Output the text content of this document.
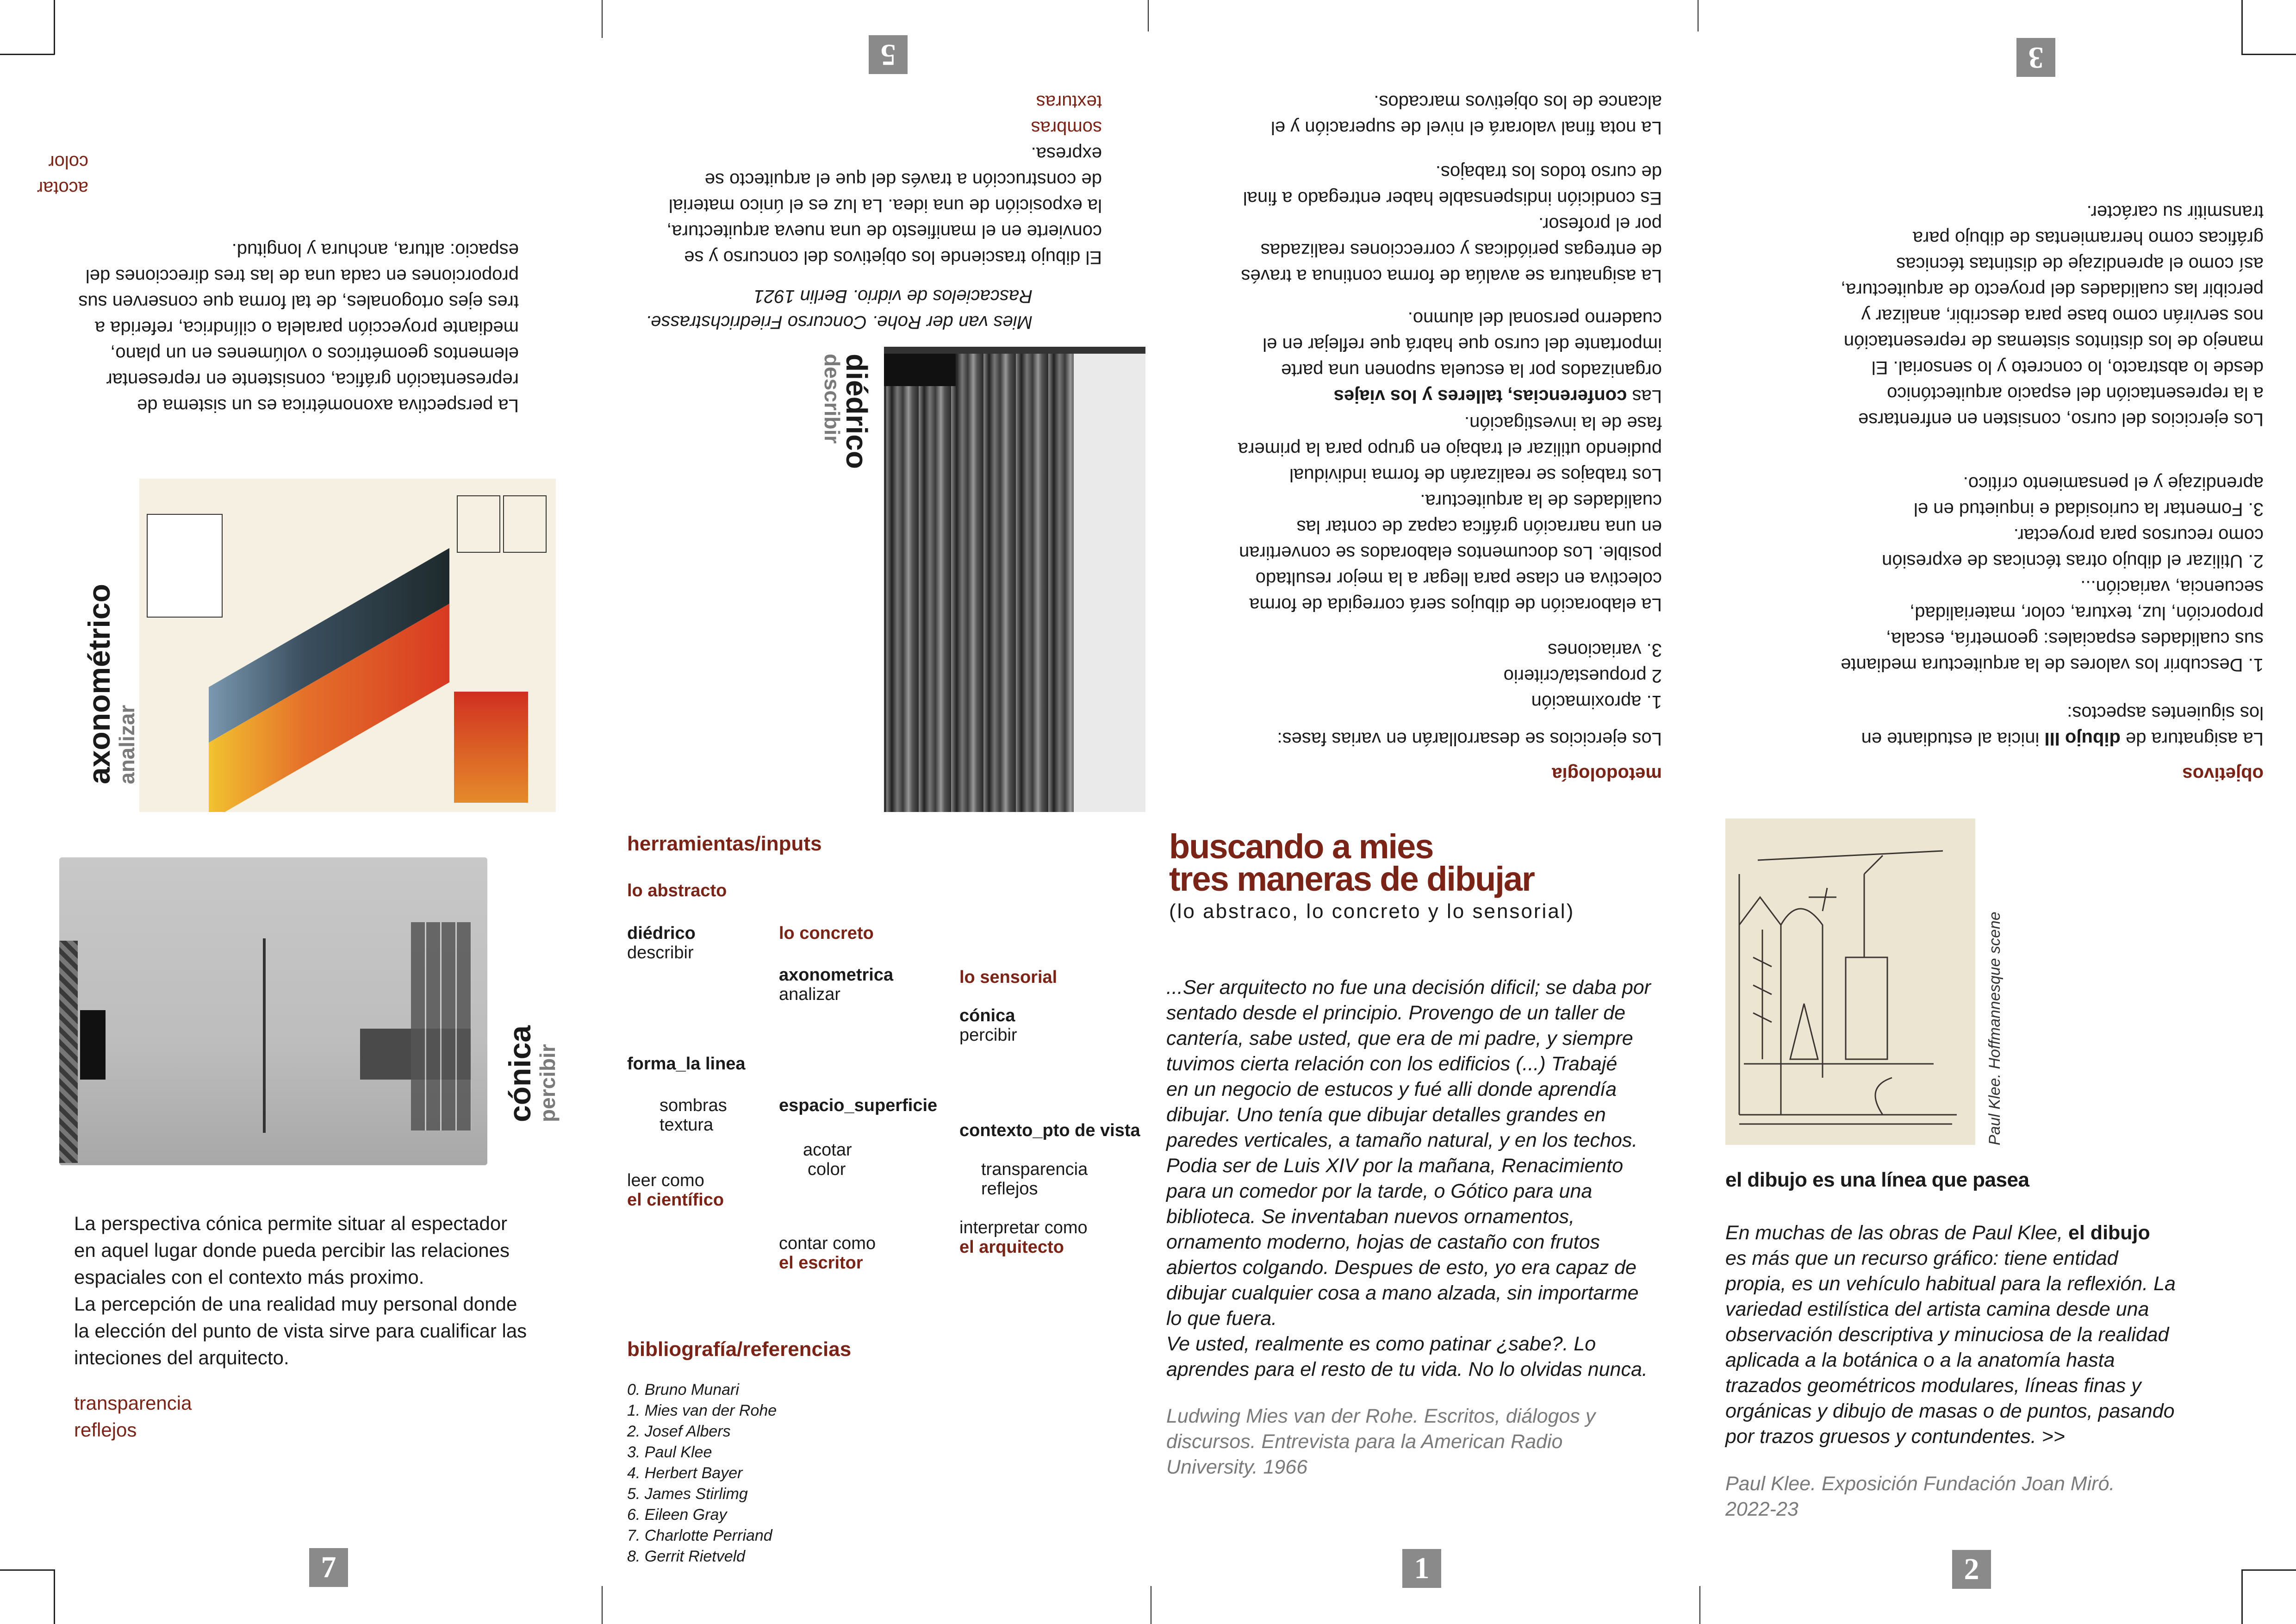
objetivos

La asignatura de dibujo III inicia al estudiante en

los siguientes aspectos:

1. Descubrir los valores de la arquitectura mediante

sus cualidades espaciales: geometría, escala,

proporción, luz, textura, color, materialidad,

secuencia, variación...

2. Utilizar el dibujo otras técnicas de expresión

como recursos para proyectar.

3. Fomentar la curiosidad e inquietud en el

aprendizaje y el pensamiento crítico.

Los ejercicios del curso, consisten en enfrentarse

a la representación del espacio arquitectónico

desde lo abstracto, lo concreto y lo sensorial. El

manejo de los distintos sistemas de representación

nos servirán como base para describir, analizar y

percibir las cualidades del proyecto de arquitectura,

así como el aprendizaje de distintas técnicas

gráficas como herramientas de dibujo para

transmitir su carácter.

3
metodología

Los ejercicios se desarrollarán en varias fases:

1. aproximación

2 propuesta/criterio

3. variaciones

La elaboración de dibujos será corregida de forma

colectiva en clase para llegar a la mejor resultado

posible. Los documentos elaborados se convertiran

en una narración gráfica capaz de contar las

cualidades de la arquitectura.

Los trabajos se realizarán de forma individual

pudiendo utilizar el trabajo en grupo para la primera

fase de la investigación.

Las conferencias, talleres y los viajes

organizados por la escuela suponen una parte

importante del curso que habrá que reflejar en el

cuaderno personal del alumno.

La asignatura se avalúa de forma continua a través

de entregas periódicas y correcciones realizadas

por el profesor.

Es condición indispensable haber entregado a final

de curso todos los trabajos.

La nota final valorará el nivel de superación y el

alcance de los objetivos marcados.

diédrico
describir

Mies van der Rohe. Concurso Friedrichstrasse.

Rascacielos de vidrio. Berlin 1921

El dibujo trasciende los objetivos del concurso y se

convierte en el manifiesto de una nueva arquitectura,

la exposición de una idea. La luz es el único material

de construcción a través del que el arquitecto se

expresa.

sombras

texturas

5
axonométrico
analizar

La perspectiva axonométrica es un sistema de

representación gráfica, consistente en representar

elementos geométricos o volúmenes en un plano,

mediante proyección paralela o cilíndrica, referida a

tres ejes ortogonales, de tal forma que conserven sus

proporciones en cada una de las tres direcciones del

espacio: altura, anchura y longitud.

acotar

color

cónica
percibir

La perspectiva cónica permite situar al espectador

en aquel lugar donde pueda percibir las relaciones

espaciales con el contexto más proximo.

La percepción de una realidad muy personal donde

la elección del punto de vista sirve para cualificar las

inteciones del arquitecto.

transparencia

reflejos

7
herramientas/inputs
lo abstracto
diédrico
describir
lo concreto
axonometrica
analizar
lo sensorial
cónica
percibir
forma_la linea
sombras
textura
espacio_superficie
acotar
color
contexto_pto de vista
transparencia
reflejos
leer como
el científico
contar como
el escritor
interpretar como
el arquitecto
bibliografía/referencias
0. Bruno Munari
1. Mies van der Rohe
2. Josef Albers
3. Paul Klee
4. Herbert Bayer
5. James Stirlimg
6. Eileen Gray
7. Charlotte Perriand
8. Gerrit Rietveld
buscando a mies
tres maneras de dibujar
(lo abstraco, lo concreto y lo sensorial)

...Ser arquitecto no fue una decisión dificil; se daba por

sentado desde el principio. Provengo de un taller de

cantería, sabe usted, que era de mi padre, y siempre

tuvimos cierta relación con los edificios (...) Trabajé

en un negocio de estucos y fué alli donde aprendía

dibujar. Uno tenía que dibujar detalles grandes en

paredes verticales, a tamaño natural, y en los techos.

Podia ser de Luis XIV por la mañana, Renacimiento

para un comedor por la tarde, o Gótico para una

biblioteca. Se inventaban nuevos ornamentos,

ornamento moderno, hojas de castaño con frutos

abiertos colgando. Despues de esto, yo era capaz de

dibujar cualquier cosa a mano alzada, sin importarme

lo que fuera.

Ve usted, realmente es como patinar ¿sabe?. Lo

aprendes para el resto de tu vida. No lo olvidas nunca.

Ludwing Mies van der Rohe. Escritos, diálogos y

discursos. Entrevista para la American Radio

University. 1966

1
Paul Klee. Hoffmannesque scene
el dibujo es una línea que pasea

En muchas de las obras de Paul Klee, el dibujo

es más que un recurso gráfico: tiene entidad

propia, es un vehículo habitual para la reflexión. La

variedad estilística del artista camina desde una

observación descriptiva y minuciosa de la realidad

aplicada a la botánica o a la anatomía hasta

trazados geométricos modulares, líneas finas y

orgánicas y dibujo de masas o de puntos, pasando

por trazos gruesos y contundentes. >>

Paul Klee. Exposición Fundación Joan Miró.

2022-23

2
